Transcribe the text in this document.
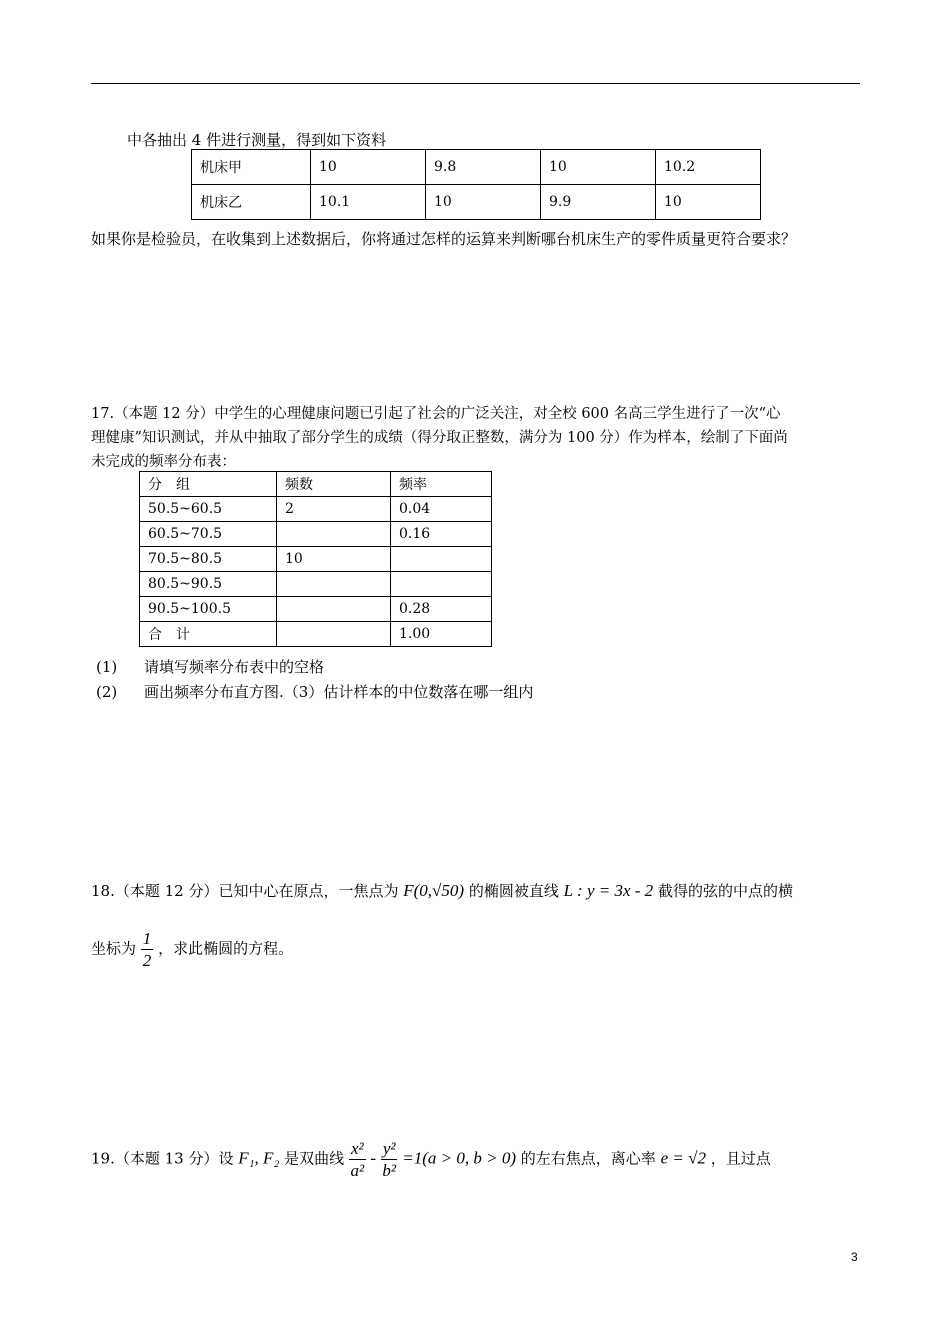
中各抽出 4 件进行测量，得到如下资料
机床甲	10	9.8	10	10.2
机床乙	10.1	10	9.9	10
如果你是检验员，在收集到上述数据后，你将通过怎样的运算来判断哪台机床生产的零件质量更符合要求？
17.（本题 12 分）中学生的心理健康问题已引起了社会的广泛关注，对全校 600 名高三学生进行了一次“心
理健康”知识测试，并从中抽取了部分学生的成绩（得分取正整数，满分为 100 分）作为样本，绘制了下面尚
未完成的频率分布表：
分　组	频数	频率
50.5~60.5	2	0.04
60.5~70.5		0.16
70.5~80.5	10	
80.5~90.5		
90.5~100.5		0.28
合　计		1.00
(1) 请填写频率分布表中的空格
(2) 画出频率分布直方图.（3）估计样本的中位数落在哪一组内
18.（本题 12 分）已知中心在原点，一焦点为 F(0,√50) 的椭圆被直线 L : y = 3x - 2 截得的弦的中点的横
坐标为 $\frac{1}{2}$ ，求此椭圆的方程。
19.（本题 13 分）设 F₁, F₂ 是双曲线 $\frac{\text{x²}}{\text{a²}} - \frac{\text{y²}}{\text{b²}} =1(a > 0$, b > 0) 的左右焦点，离心率 e = √2 ，且过点
3
